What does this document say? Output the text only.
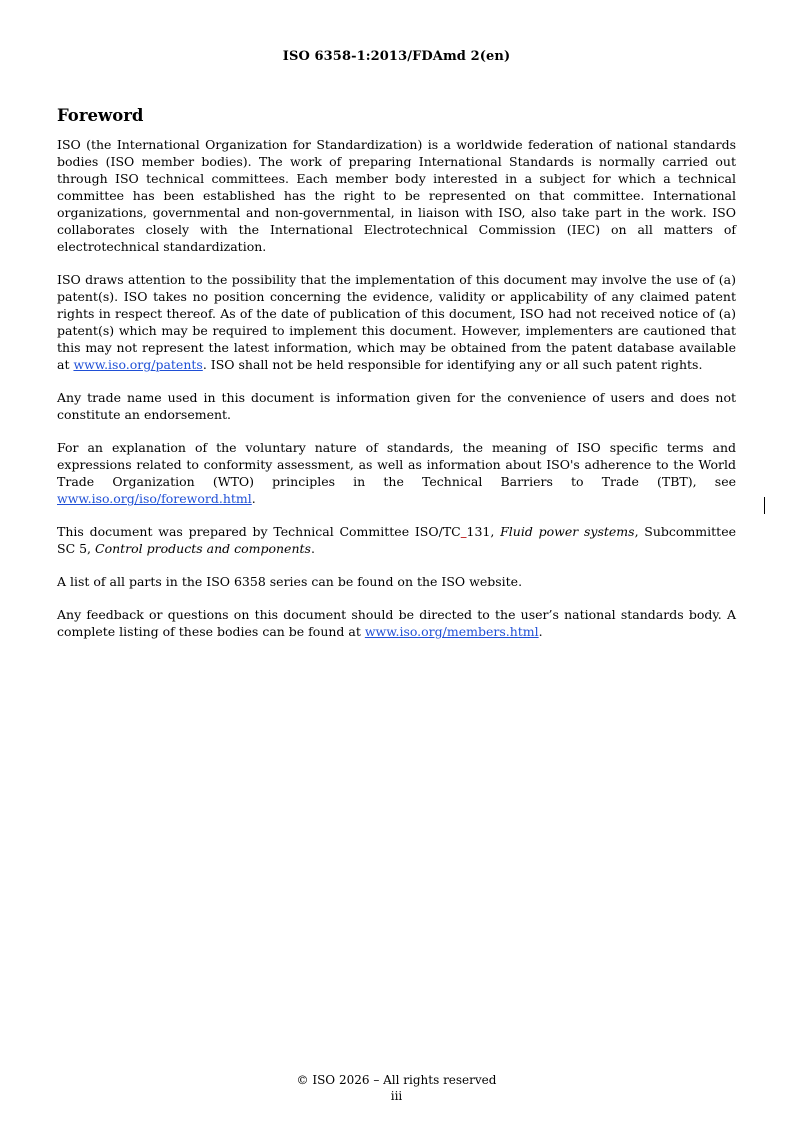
ISO 6358-1:2013/FDAmd 2(en)
Foreword

ISO (the International Organization for Standardization) is a worldwide federation of national standards bodies (ISO member bodies). The work of preparing International Standards is normally carried out through ISO technical committees. Each member body interested in a subject for which a technical committee has been established has the right to be represented on that committee. International organizations, governmental and non-governmental, in liaison with ISO, also take part in the work. ISO collaborates closely with the International Electrotechnical Commission (IEC) on all matters of electrotechnical standardization.

ISO draws attention to the possibility that the implementation of this document may involve the use of (a) patent(s). ISO takes no position concerning the evidence, validity or applicability of any claimed patent rights in respect thereof. As of the date of publication of this document, ISO had not received notice of (a) patent(s) which may be required to implement this document. However, implementers are cautioned that this may not represent the latest information, which may be obtained from the patent database available at www.iso.org/patents. ISO shall not be held responsible for identifying any or all such patent rights.

Any trade name used in this document is information given for the convenience of users and does not constitute an endorsement.

For an explanation of the voluntary nature of standards, the meaning of ISO specific terms and expressions related to conformity assessment, as well as information about ISO's adherence to the World Trade Organization (WTO) principles in the Technical Barriers to Trade (TBT), see www.iso.org/iso/foreword.html.

This document was prepared by Technical Committee ISO/TC 131, Fluid power systems, Subcommittee SC 5, Control products and components.

A list of all parts in the ISO 6358 series can be found on the ISO website.

Any feedback or questions on this document should be directed to the user’s national standards body. A complete listing of these bodies can be found at www.iso.org/members.html.

© ISO 2026 – All rights reserved
iii
